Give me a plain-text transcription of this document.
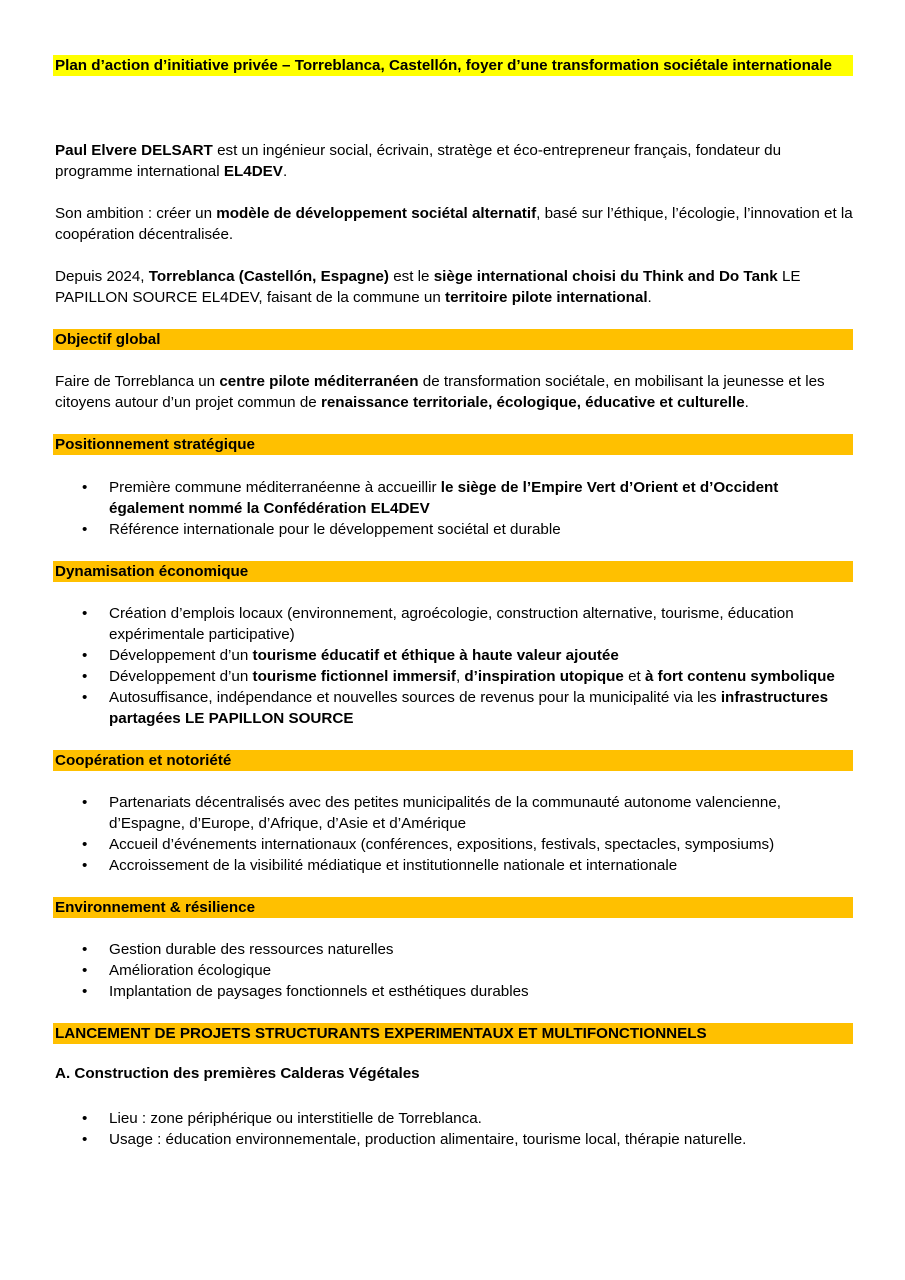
Plan d’action d’initiative privée – Torreblanca, Castellón, foyer d’une transformation sociétale internationale

Paul Elvere DELSART est un ingénieur social, écrivain, stratège et éco-entrepreneur français, fondateur du programme international EL4DEV.

Son ambition : créer un modèle de développement sociétal alternatif, basé sur l’éthique, l’écologie, l’innovation et la coopération décentralisée.

Depuis 2024, Torreblanca (Castellón, Espagne) est le siège international choisi du Think and Do Tank LE PAPILLON SOURCE EL4DEV, faisant de la commune un territoire pilote international.

Objectif global

Faire de Torreblanca un centre pilote méditerranéen de transformation sociétale, en mobilisant la jeunesse et les citoyens autour d’un projet commun de renaissance territoriale, écologique, éducative et culturelle.

Positionnement stratégique
• Première commune méditerranéenne à accueillir le siège de l’Empire Vert d’Orient et d’Occident également nommé la Confédération EL4DEV
• Référence internationale pour le développement sociétal et durable
Dynamisation économique
• Création d’emplois locaux (environnement, agroécologie, construction alternative, tourisme, éducation expérimentale participative)
• Développement d’un tourisme éducatif et éthique à haute valeur ajoutée
• Développement d’un tourisme fictionnel immersif, d’inspiration utopique et à fort contenu symbolique
• Autosuffisance, indépendance et nouvelles sources de revenus pour la municipalité via les infrastructures partagées LE PAPILLON SOURCE
Coopération et notoriété
• Partenariats décentralisés avec des petites municipalités de la communauté autonome valencienne, d’Espagne, d’Europe, d’Afrique, d’Asie et d’Amérique
• Accueil d’événements internationaux (conférences, expositions, festivals, spectacles, symposiums)
• Accroissement de la visibilité médiatique et institutionnelle nationale et internationale
Environnement & résilience
• Gestion durable des ressources naturelles
• Amélioration écologique
• Implantation de paysages fonctionnels et esthétiques durables
LANCEMENT DE PROJETS STRUCTURANTS EXPERIMENTAUX ET MULTIFONCTIONNELS
A. Construction des premières Calderas Végétales
• Lieu : zone périphérique ou interstitielle de Torreblanca.
• Usage : éducation environnementale, production alimentaire, tourisme local, thérapie naturelle.
